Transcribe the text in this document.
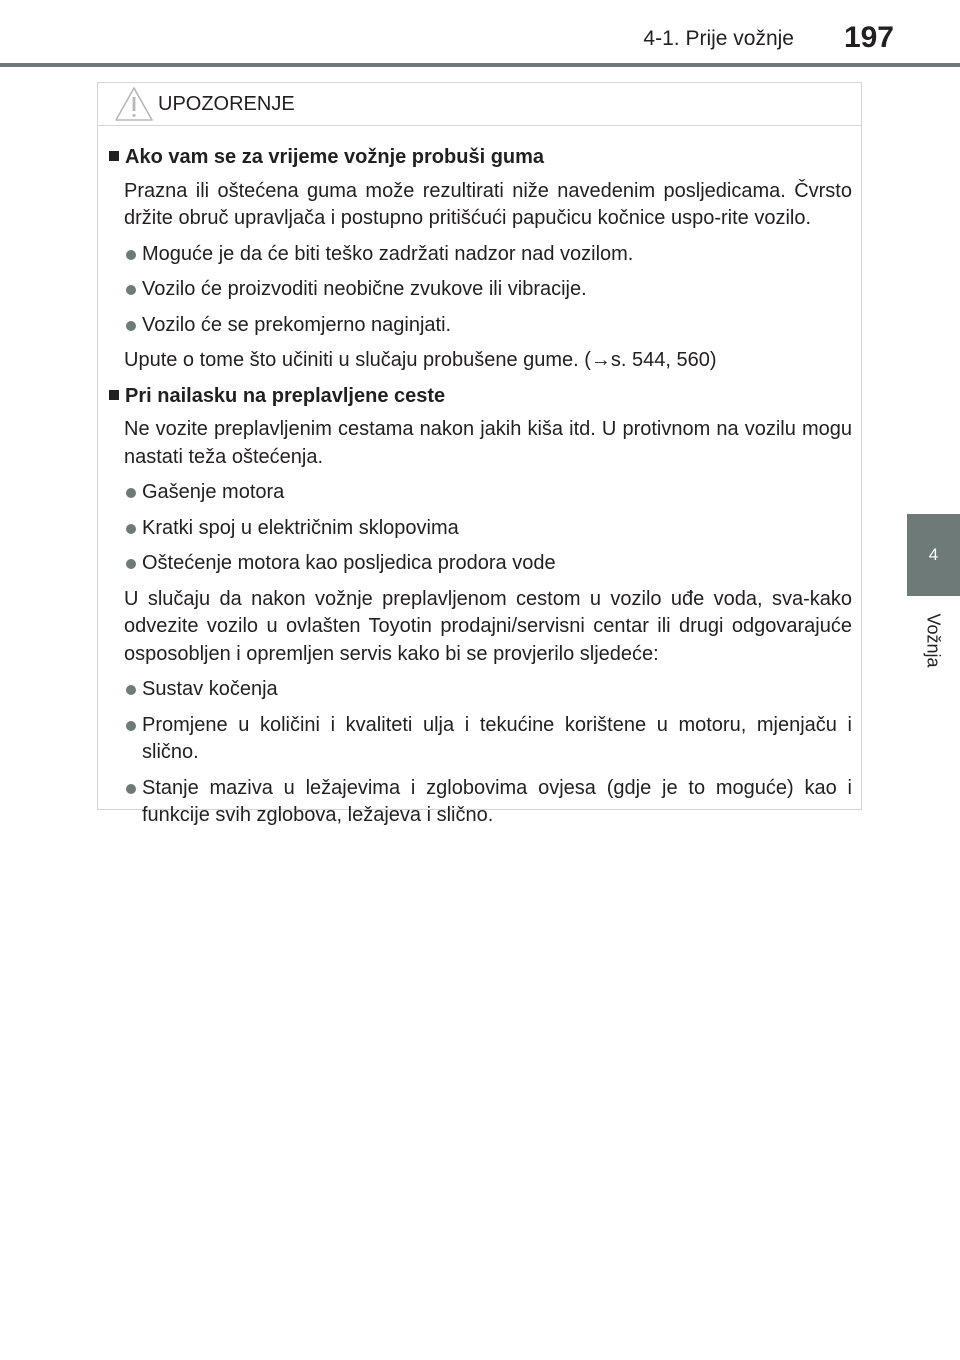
4-1. Prije vožnje	197
4
Vožnja
UPOZORENJE
Ako vam se za vrijeme vožnje probuši guma

Prazna ili oštećena guma može rezultirati niže navedenim posljedicama. Čvrsto držite obruč upravljača i postupno pritišćući papučicu kočnice uspo-rite vozilo.

Moguće je da će biti teško zadržati nadzor nad vozilom.
Vozilo će proizvoditi neobične zvukove ili vibracije.
Vozilo će se prekomjerno naginjati.

Upute o tome što učiniti u slučaju probušene gume. (→s. 544, 560)

Pri nailasku na preplavljene ceste

Ne vozite preplavljenim cestama nakon jakih kiša itd. U protivnom na vozilu mogu nastati teža oštećenja.

Gašenje motora
Kratki spoj u električnim sklopovima
Oštećenje motora kao posljedica prodora vode

U slučaju da nakon vožnje preplavljenom cestom u vozilo uđe voda, sva-kako odvezite vozilo u ovlašten Toyotin prodajni/servisni centar ili drugi odgovarajuće osposobljen i opremljen servis kako bi se provjerilo sljedeće:

Sustav kočenja
Promjene u količini i kvaliteti ulja i tekućine korištene u motoru, mjenjaču i slično.
Stanje maziva u ležajevima i zglobovima ovjesa (gdje je to moguće) kao i funkcije svih zglobova, ležajeva i slično.
